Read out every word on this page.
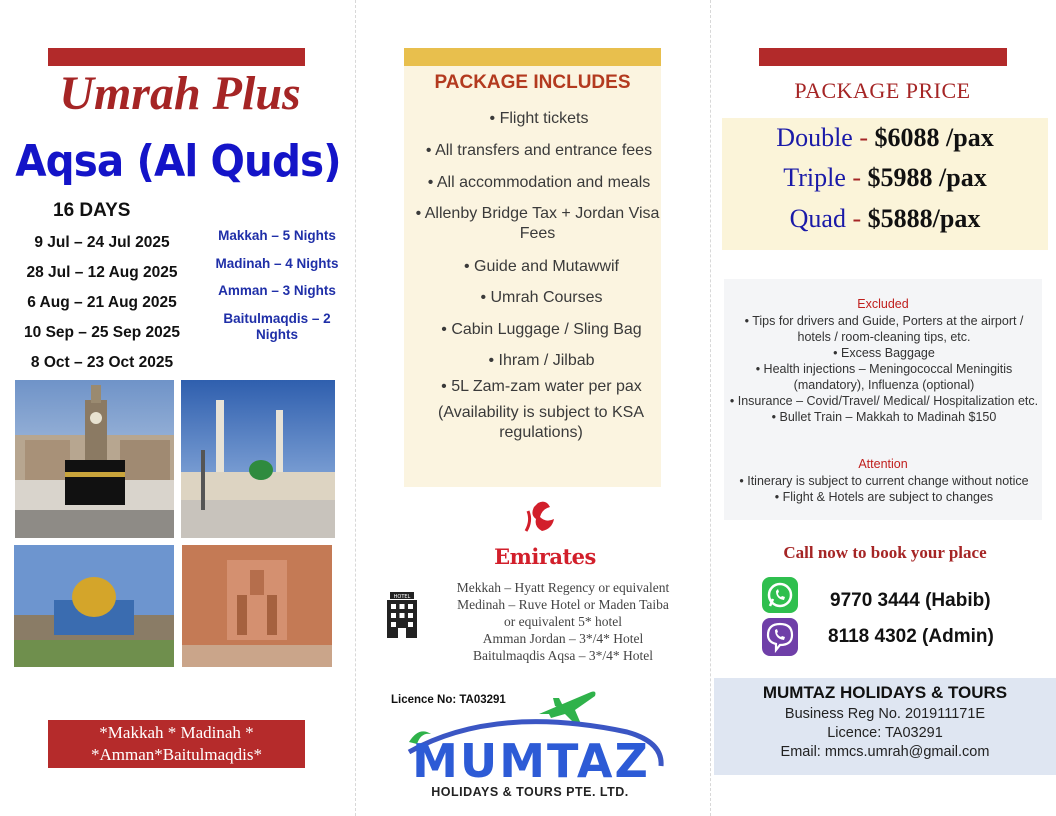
Umrah Plus
Aqsa (Al Quds)
16 DAYS
9 Jul – 24 Jul 2025
28 Jul – 12 Aug 2025
6 Aug – 21 Aug 2025
10 Sep – 25 Sep 2025
8 Oct – 23 Oct 2025
Makkah – 5 Nights
Madinah – 4 Nights
Amman – 3 Nights
Baitulmaqdis – 2 Nights
*Makkah * Madinah *
*Amman*Baitulmaqdis*
PACKAGE INCLUDES
• Flight tickets
• All transfers and entrance fees
• All accommodation and meals
• Allenby Bridge Tax + Jordan Visa Fees
• Guide and Mutawwif
• Umrah Courses
• Cabin Luggage / Sling Bag
• Ihram / Jilbab
• 5L Zam-zam water per pax
(Availability is subject to KSA regulations)
Emirates
HOTEL
Mekkah – Hyatt Regency or equivalent
Medinah – Ruve Hotel or Maden Taiba
or equivalent 5* hotel
Amman Jordan – 3*/4* Hotel
Baitulmaqdis Aqsa – 3*/4* Hotel
Licence No: TA03291
MUMTAZ
HOLIDAYS & TOURS PTE. LTD.
PACKAGE PRICE
Double - $6088 /pax
Triple - $5988 /pax
Quad - $5888/pax
Excluded
• Tips for drivers and Guide, Porters at the airport / hotels / room-cleaning tips, etc.
• Excess Baggage
• Health injections – Meningococcal Meningitis (mandatory), Influenza (optional)
• Insurance – Covid/Travel/ Medical/ Hospitalization etc.
• Bullet Train – Makkah to Madinah $150
Attention
• Itinerary is subject to current change without notice
• Flight & Hotels are subject to changes
Call now to book your place
9770 3444 (Habib)
8118 4302 (Admin)
MUMTAZ HOLIDAYS & TOURS
Business Reg No. 201911171E
Licence: TA03291
Email: mmcs.umrah@gmail.com
